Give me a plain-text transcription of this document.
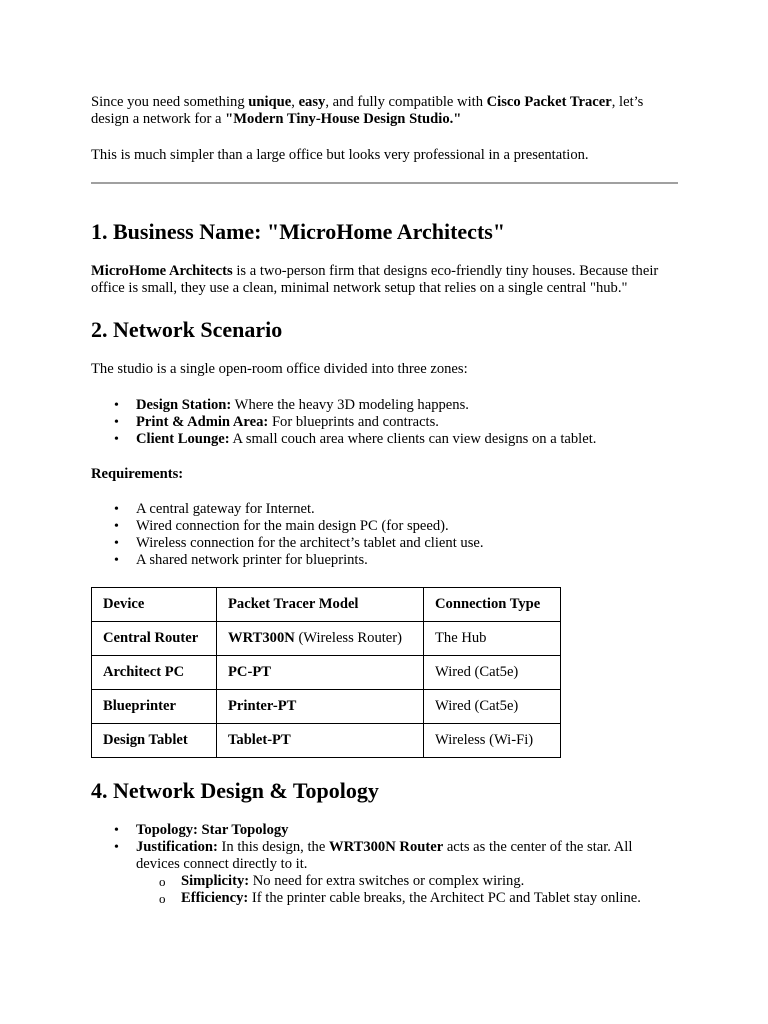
Since you need something unique, easy, and fully compatible with Cisco Packet Tracer, let’s design a network for a "Modern Tiny-House Design Studio."

This is much simpler than a large office but looks very professional in a presentation.

1. Business Name: "MicroHome Architects"

MicroHome Architects is a two-person firm that designs eco-friendly tiny houses. Because their office is small, they use a clean, minimal network setup that relies on a single central "hub."

2. Network Scenario

The studio is a single open-room office divided into three zones:

• Design Station: Where the heavy 3D modeling happens.
• Print & Admin Area: For blueprints and contracts.
• Client Lounge: A small couch area where clients can view designs on a tablet.

Requirements:

• A central gateway for Internet.
• Wired connection for the main design PC (for speed).
• Wireless connection for the architect’s tablet and client use.
• A shared network printer for blueprints.
Device	Packet Tracer Model	Connection Type
Central Router	WRT300N (Wireless Router)	The Hub
Architect PC	PC-PT	Wired (Cat5e)
Blueprinter	Printer-PT	Wired (Cat5e)
Design Tablet	Tablet-PT	Wireless (Wi-Fi)
4. Network Design & Topology
• Topology: Star Topology
• Justification: In this design, the WRT300N Router acts as the center of the star. All devices connect directly to it.
o Simplicity: No need for extra switches or complex wiring.
o Efficiency: If the printer cable breaks, the Architect PC and Tablet stay online.
